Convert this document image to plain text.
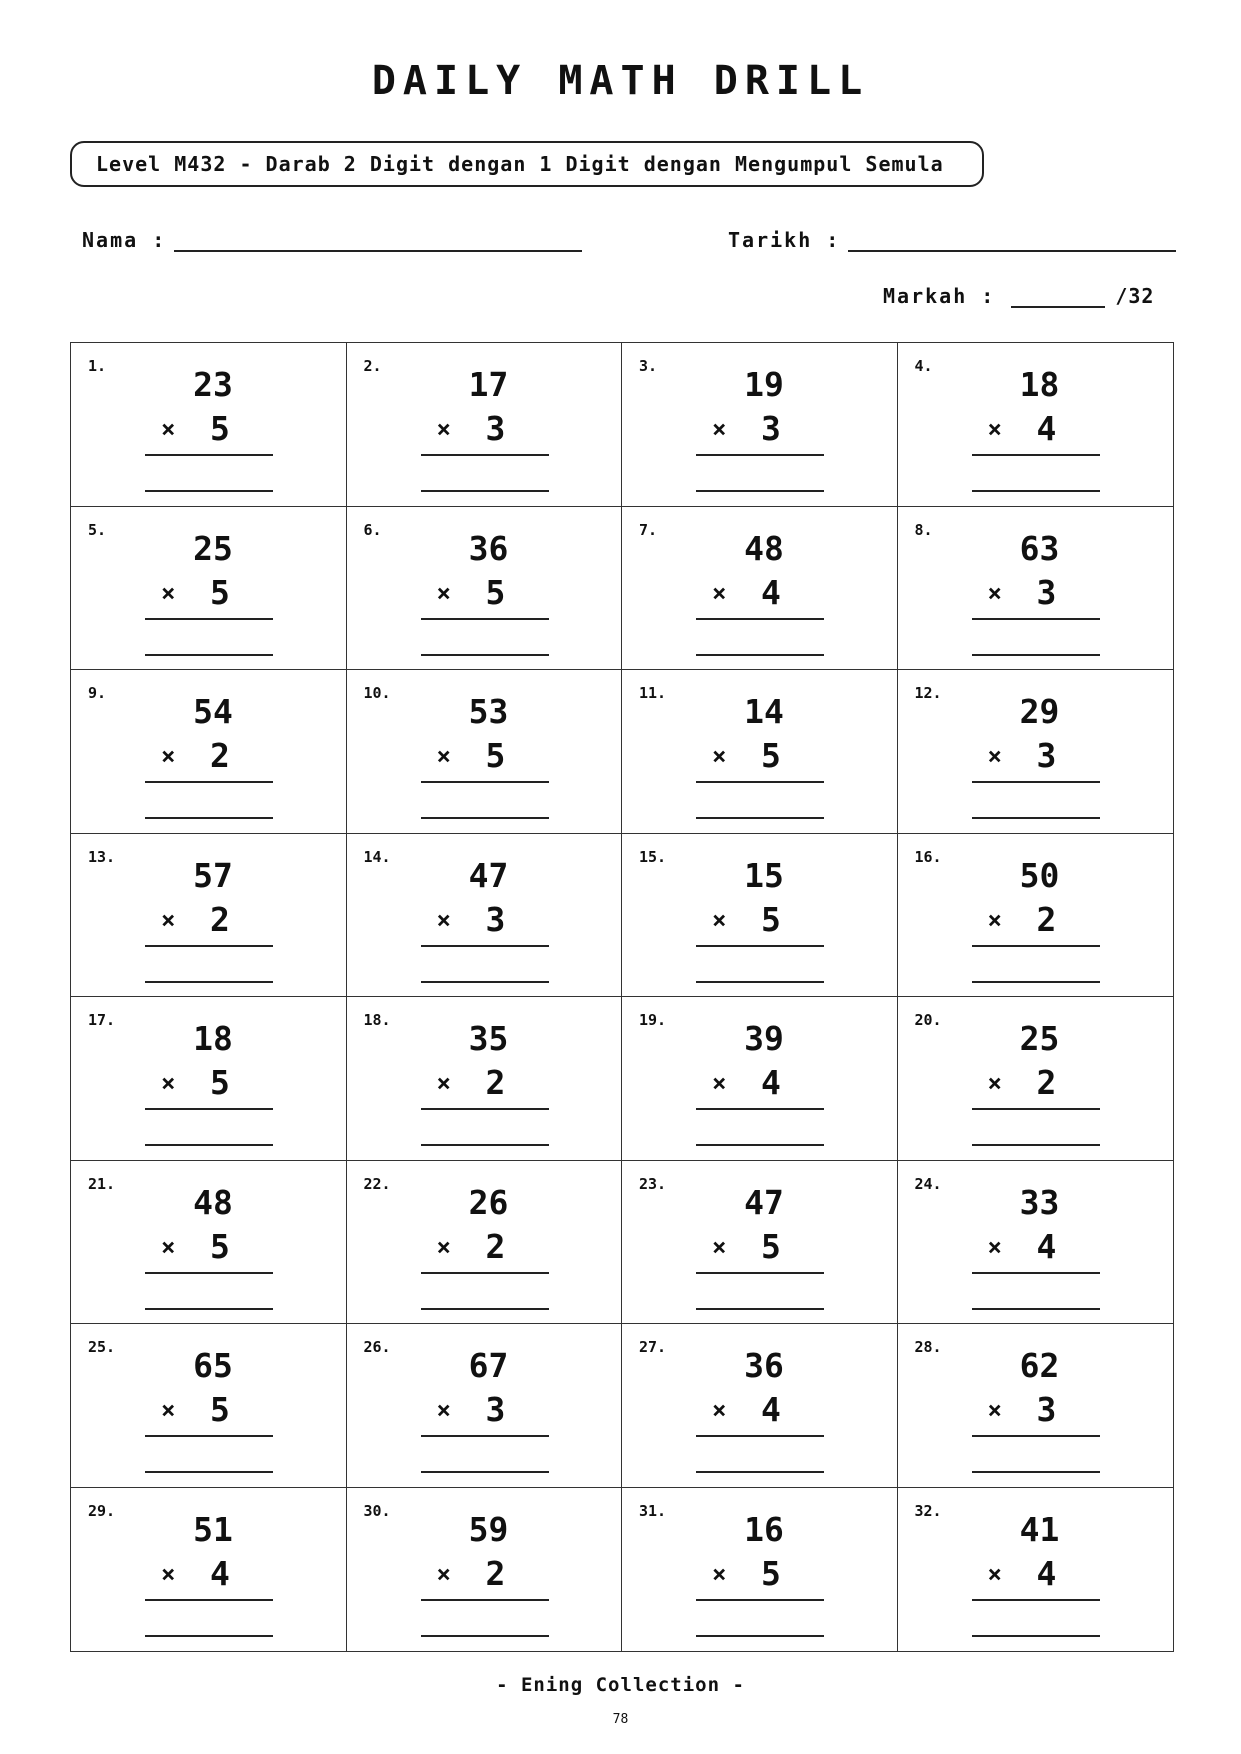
DAILY MATH DRILL
Level M432 - Darab 2 Digit dengan 1 Digit dengan Mengumpul Semula
Nama :	Tarikh :
Markah :	/32
1.	23
× 5
2.	17
× 3
3.	19
× 3
4.	18
× 4
5.	25
× 5
6.	36
× 5
7.	48
× 4
8.	63
× 3
9.	54
× 2
10.	53
× 5
11.	14
× 5
12.	29
× 3
13.	57
× 2
14.	47
× 3
15.	15
× 5
16.	50
× 2
17.	18
× 5
18.	35
× 2
19.	39
× 4
20.	25
× 2
21.	48
× 5
22.	26
× 2
23.	47
× 5
24.	33
× 4
25.	65
× 5
26.	67
× 3
27.	36
× 4
28.	62
× 3
29.	51
× 4
30.	59
× 2
31.	16
× 5
32.	41
× 4
- Ening Collection -
78
